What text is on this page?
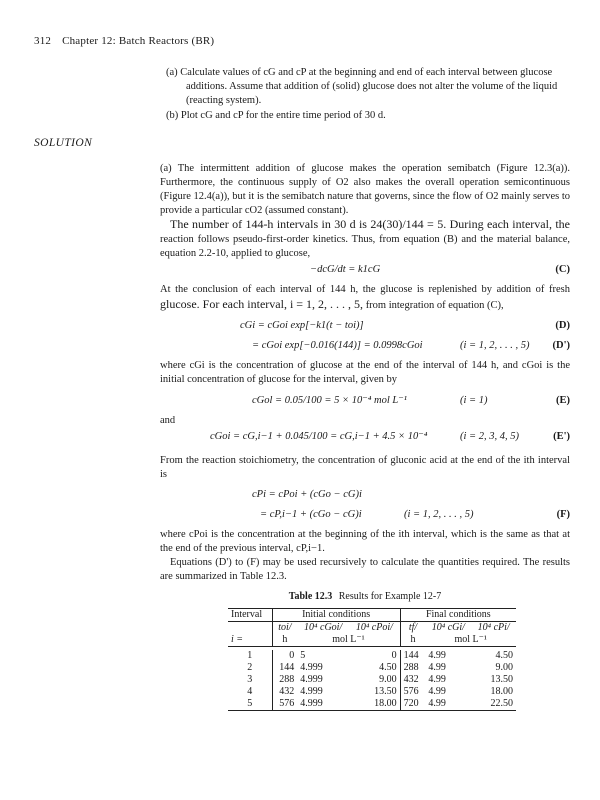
312 Chapter 12: Batch Reactors (BR)

(a) Calculate values of cG and cP at the beginning and end of each interval between glucose additions. Assume that addition of (solid) glucose does not alter the volume of the liquid (reacting system).

(b) Plot cG and cP for the entire time period of 30 d.

SOLUTION

(a) The intermittent addition of glucose makes the operation semibatch (Figure 12.3(a)). Furthermore, the continuous supply of O2 also makes the overall operation semicontinuous (Figure 12.4(a)), but it is the semibatch nature that governs, since the flow of O2 mainly serves to provide a particular cO2 (assumed constant).

The number of 144-h intervals in 30 d is 24(30)/144 = 5. During each interval, the reaction follows pseudo-first-order kinetics. Thus, from equation (B) and the material balance, equation 2.2-10, applied to glucose,

−dcG/dt = k1cG	(C)

At the conclusion of each interval of 144 h, the glucose is replenished by addition of fresh glucose. For each interval, i = 1, 2, . . . , 5, from integration of equation (C),

cGi = cGoi exp[−k1(t − toi)]	(D)
= cGoi exp[−0.016(144)] = 0.0998cGoi	(i = 1, 2, . . . , 5) (D')

where cGi is the concentration of glucose at the end of the interval of 144 h, and cGoi is the initial concentration of glucose for the interval, given by

cGol = 0.05/100 = 5 × 10⁻⁴ mol L⁻¹	(i = 1)	(E)

and

cGoi = cG,i−1 + 0.045/100 = cG,i−1 + 4.5 × 10⁻⁴	(i = 2, 3, 4, 5)	(E')

From the reaction stoichiometry, the concentration of gluconic acid at the end of the ith interval is

cPi = cPoi + (cGo − cG)i
= cP,i−1 + (cGo − cG)i	(i = 1, 2, . . . , 5)	(F)

where cPoi is the concentration at the beginning of the ith interval, which is the same as that at the end of the previous interval, cP,i−1.

Equations (D') to (F) may be used recursively to calculate the quantities required. The results are summarized in Table 12.3.

Table 12.3 Results for Example 12-7
Interval	Initial conditions			Final conditions		
	toi/	10⁴ cGoi/	10⁴ cPoi/	tf/	10⁴ cGi/	10⁴ cPi/
i =	h	mol L⁻¹		h	mol L⁻¹	

1	0	5	0	144	4.99	4.50
2	144	4.999	4.50	288	4.99	9.00
3	288	4.999	9.00	432	4.99	13.50
4	432	4.999	13.50	576	4.99	18.00
5	576	4.999	18.00	720	4.99	22.50
